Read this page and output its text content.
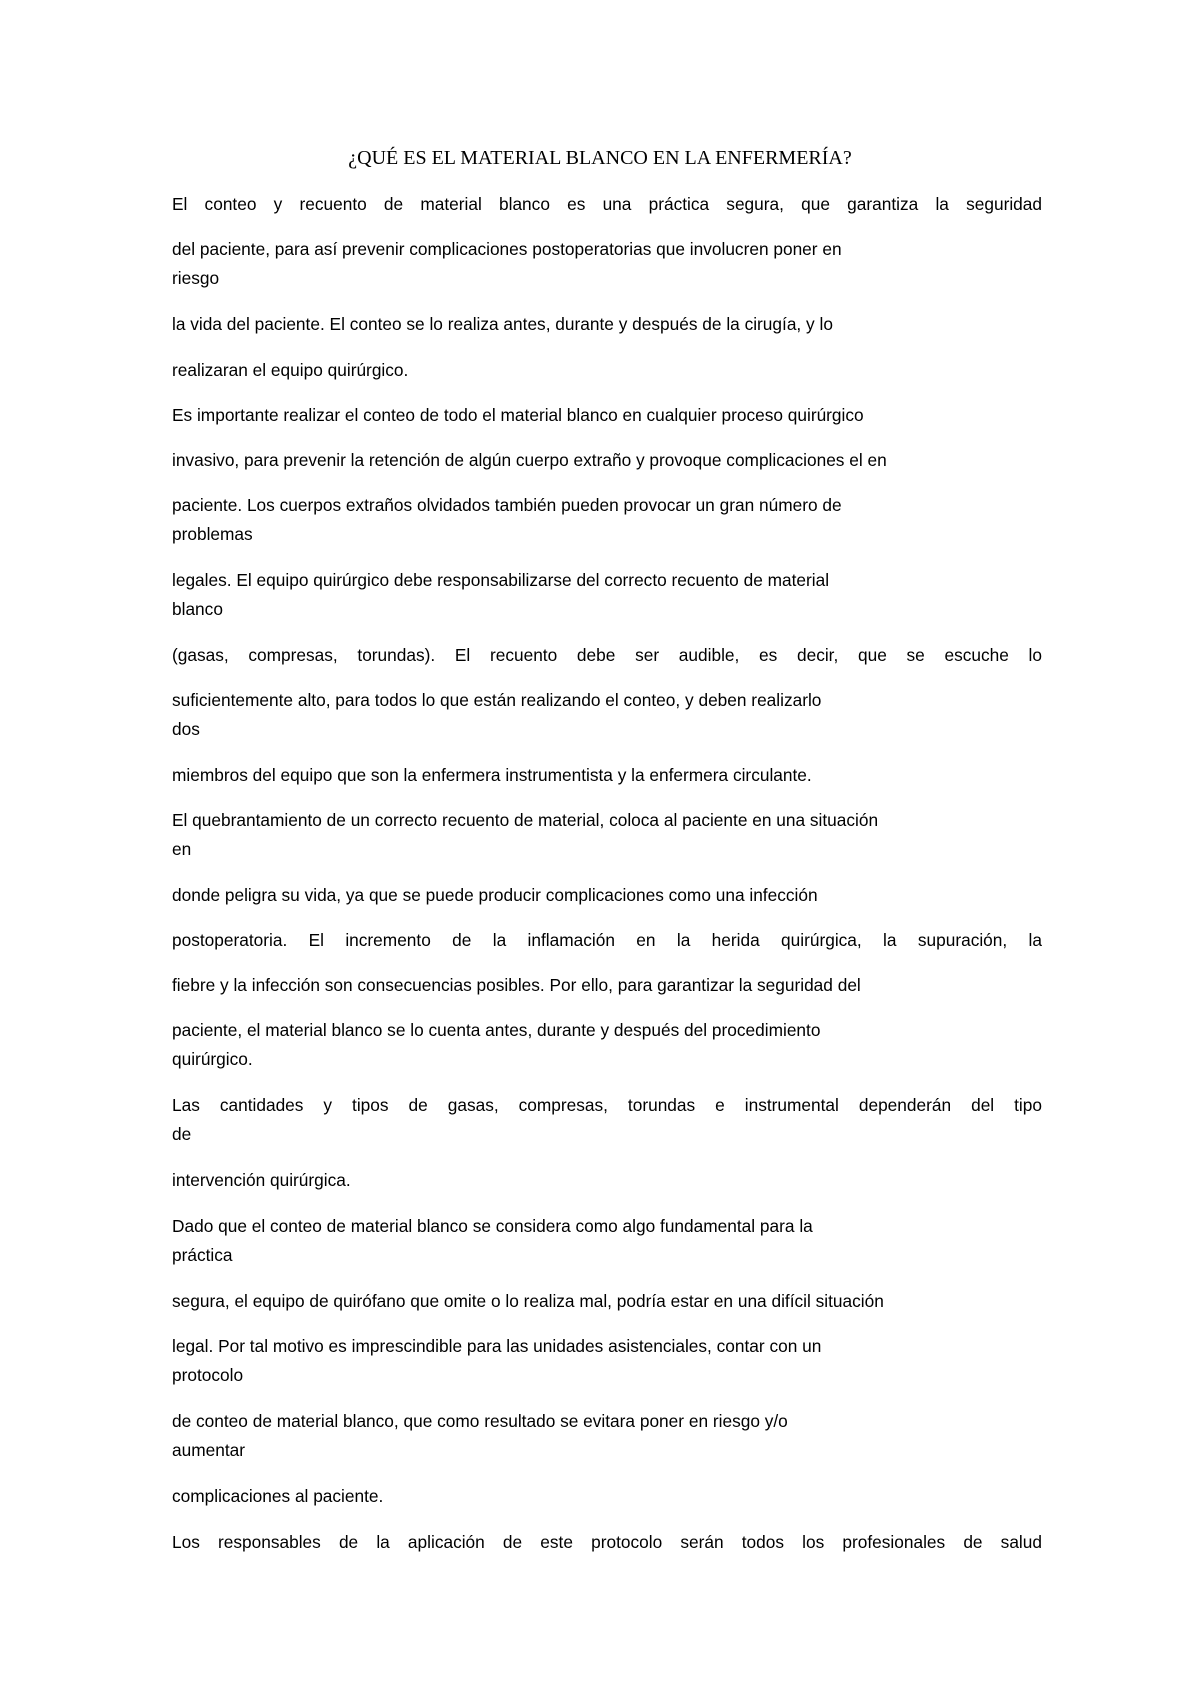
¿QUÉ ES EL MATERIAL BLANCO EN LA ENFERMERÍA?
El conteo y recuento de material blanco es una práctica segura, que garantiza la seguridad
del paciente, para así prevenir complicaciones postoperatorias que involucren poner en
riesgo
la vida del paciente. El conteo se lo realiza antes, durante y después de la cirugía, y lo
realizaran el equipo quirúrgico.
Es importante realizar el conteo de todo el material blanco en cualquier proceso quirúrgico
invasivo, para prevenir la retención de algún cuerpo extraño y provoque complicaciones el en
paciente. Los cuerpos extraños olvidados también pueden provocar un gran número de
problemas
legales. El equipo quirúrgico debe responsabilizarse del correcto recuento de material
blanco
(gasas, compresas, torundas). El recuento debe ser audible, es decir, que se escuche lo
suficientemente alto, para todos lo que están realizando el conteo, y deben realizarlo
dos
miembros del equipo que son la enfermera instrumentista y la enfermera circulante.
El quebrantamiento de un correcto recuento de material, coloca al paciente en una situación
en
donde peligra su vida, ya que se puede producir complicaciones como una infección
postoperatoria. El incremento de la inflamación en la herida quirúrgica, la supuración, la
fiebre y la infección son consecuencias posibles. Por ello, para garantizar la seguridad del
paciente, el material blanco se lo cuenta antes, durante y después del procedimiento
quirúrgico.
Las cantidades y tipos de gasas, compresas, torundas e instrumental dependerán del tipo
de
intervención quirúrgica.
Dado que el conteo de material blanco se considera como algo fundamental para la
práctica
segura, el equipo de quirófano que omite o lo realiza mal, podría estar en una difícil situación
legal. Por tal motivo es imprescindible para las unidades asistenciales, contar con un
protocolo
de conteo de material blanco, que como resultado se evitara poner en riesgo y/o
aumentar
complicaciones al paciente.
Los responsables de la aplicación de este protocolo serán todos los profesionales de salud
